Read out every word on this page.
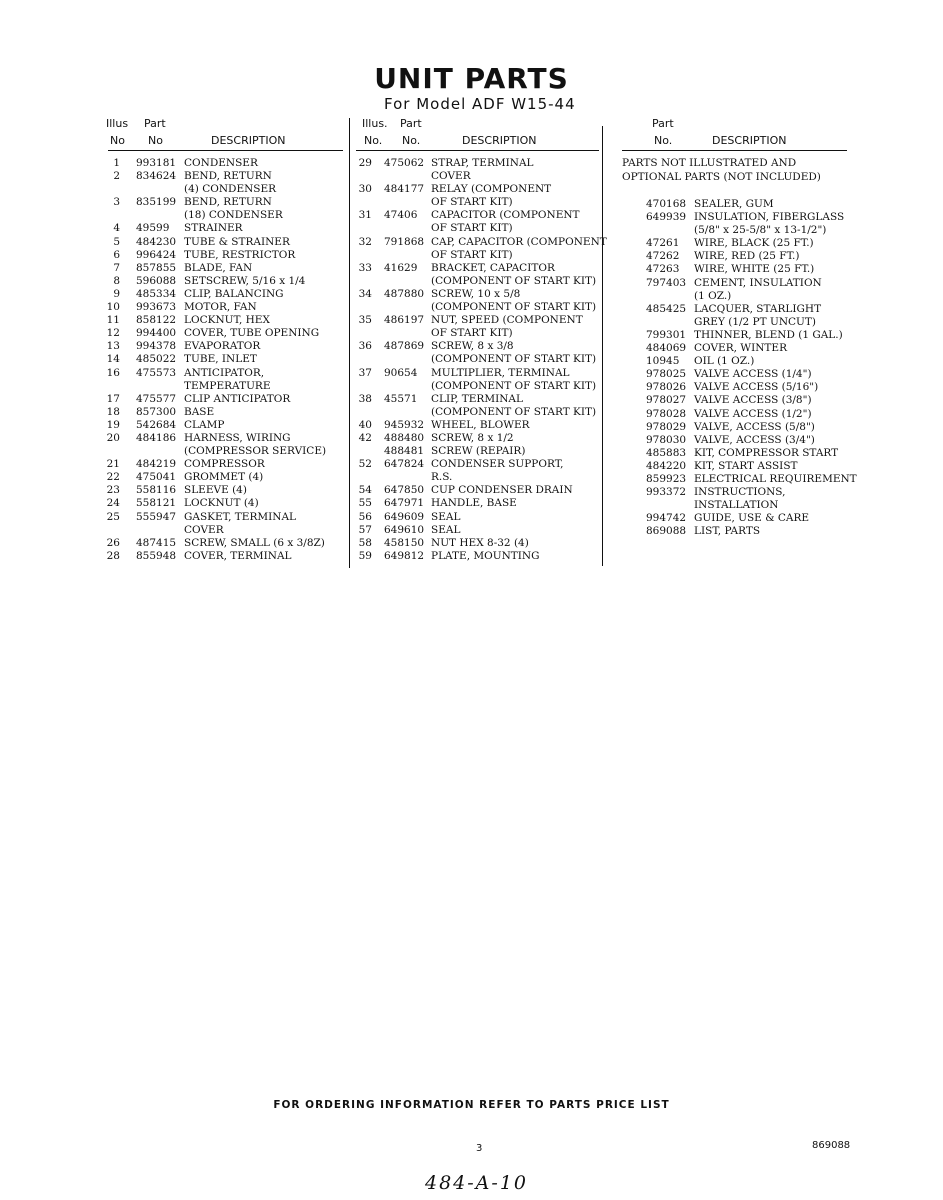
UNIT PARTS
For Model ADF W15-44
Illus Part
No No	DESCRIPTION
1 993181 CONDENSER
2 834624 BEND, RETURN
(4) CONDENSER
3 835199 BEND, RETURN
(18) CONDENSER
4 49599 STRAINER
5 484230 TUBE & STRAINER
6 996424 TUBE, RESTRICTOR
7 857855 BLADE, FAN
8 596088 SETSCREW, 5/16 x 1/4
9 485334 CLIP, BALANCING
10 993673 MOTOR, FAN
11 858122 LOCKNUT, HEX
12 994400 COVER, TUBE OPENING
13 994378 EVAPORATOR
14 485022 TUBE, INLET
16 475573 ANTICIPATOR,
TEMPERATURE
17 475577 CLIP ANTICIPATOR
18 857300 BASE
19 542684 CLAMP
20 484186 HARNESS, WIRING
(COMPRESSOR SERVICE)
21 484219 COMPRESSOR
22 475041 GROMMET (4)
23 558116 SLEEVE (4)
24 558121 LOCKNUT (4)
25 555947 GASKET, TERMINAL
COVER
26 487415 SCREW, SMALL (6 x 3/8Z)
28 855948 COVER, TERMINAL
Illus. Part
No. No.	DESCRIPTION
29 475062 STRAP, TERMINAL
COVER
30 484177 RELAY (COMPONENT
OF START KIT)
31 47406 CAPACITOR (COMPONENT
OF START KIT)
32 791868 CAP, CAPACITOR (COMPONENT
OF START KIT)
33 41629 BRACKET, CAPACITOR
(COMPONENT OF START KIT)
34 487880 SCREW, 10 x 5/8
(COMPONENT OF START KIT)
35 486197 NUT, SPEED (COMPONENT
OF START KIT)
36 487869 SCREW, 8 x 3/8
(COMPONENT OF START KIT)
37 90654 MULTIPLIER, TERMINAL
(COMPONENT OF START KIT)
38 45571 CLIP, TERMINAL
(COMPONENT OF START KIT)
40 945932 WHEEL, BLOWER
42 488480 SCREW, 8 x 1/2
488481 SCREW (REPAIR)
52 647824 CONDENSER SUPPORT,
R.S.
54 647850 CUP CONDENSER DRAIN
55 647971 HANDLE, BASE
56 649609 SEAL
57 649610 SEAL
58 458150 NUT HEX 8-32 (4)
59 649812 PLATE, MOUNTING
Part
No.	DESCRIPTION
PARTS NOT ILLUSTRATED AND
OPTIONAL PARTS (NOT INCLUDED)
470168 SEALER, GUM
649939 INSULATION, FIBERGLASS
(5/8" x 25-5/8" x 13-1/2")
47261 WIRE, BLACK (25 FT.)
47262 WIRE, RED (25 FT.)
47263 WIRE, WHITE (25 FT.)
797403 CEMENT, INSULATION
(1 OZ.)
485425 LACQUER, STARLIGHT
GREY (1/2 PT UNCUT)
799301 THINNER, BLEND (1 GAL.)
484069 COVER, WINTER
10945 OIL (1 OZ.)
978025 VALVE ACCESS (1/4")
978026 VALVE ACCESS (5/16")
978027 VALVE ACCESS (3/8")
978028 VALVE ACCESS (1/2")
978029 VALVE, ACCESS (5/8")
978030 VALVE, ACCESS (3/4")
485883 KIT, COMPRESSOR START
484220 KIT, START ASSIST
859923 ELECTRICAL REQUIREMENT
993372 INSTRUCTIONS,
INSTALLATION
994742 GUIDE, USE & CARE
869088 LIST, PARTS
FOR ORDERING INFORMATION REFER TO PARTS PRICE LIST
3	869088
484-A-10
